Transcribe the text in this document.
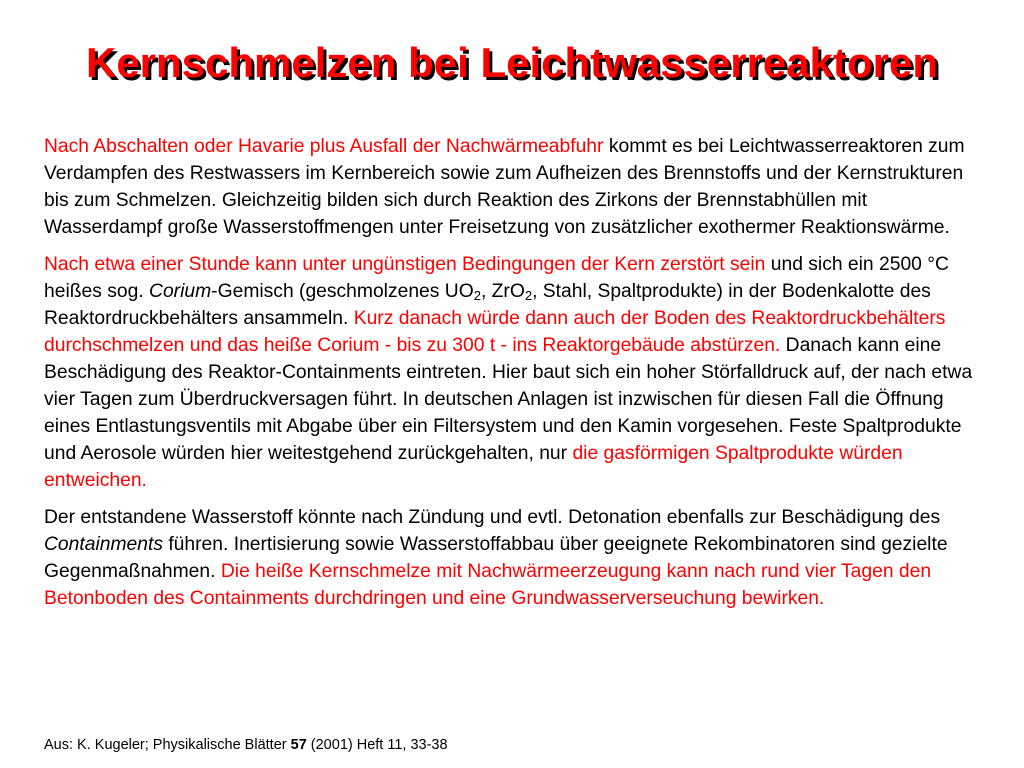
Kernschmelzen bei Leichtwasserreaktoren

Nach Abschalten oder Havarie plus Ausfall der Nachwärmeabfuhr kommt es bei Leichtwasserreaktoren zum Verdampfen des Restwassers im Kernbereich sowie zum Aufheizen des Brennstoffs und der Kernstrukturen bis zum Schmelzen. Gleichzeitig bilden sich durch Reaktion des Zirkons der Brennstabhüllen mit Wasserdampf große Wasserstoffmengen unter Freisetzung von zusätzlicher exothermer Reaktionswärme.

Nach etwa einer Stunde kann unter ungünstigen Bedingungen der Kern zerstört sein und sich ein 2500 °C heißes sog. Corium-Gemisch (geschmolzenes $UO_2$, ZrO$_2$, Stahl, Spaltprodukte) in der Bodenkalotte des Reaktordruckbehälters ansammeln. Kurz danach würde dann auch der Boden des Reaktordruckbehälters durchschmelzen und das heiße Corium - bis zu 300 t - ins Reaktorgebäude abstürzen. Danach kann eine Beschädigung des Reaktor-Containments eintreten. Hier baut sich ein hoher Störfalldruck auf, der nach etwa vier Tagen zum Überdruckversagen führt. In deutschen Anlagen ist inzwischen für diesen Fall die Öffnung eines Entlastungsventils mit Abgabe über ein Filtersystem und den Kamin vorgesehen. Feste Spaltprodukte und Aerosole würden hier weitestgehend zurückgehalten, nur die gasförmigen Spaltprodukte würden entweichen.

Der entstandene Wasserstoff könnte nach Zündung und evtl. Detonation ebenfalls zur Beschädigung des Containments führen. Inertisierung sowie Wasserstoffabbau über geeignete Rekombinatoren sind gezielte Gegenmaßnahmen. Die heiße Kernschmelze mit Nachwärmeerzeugung kann nach rund vier Tagen den Betonboden des Containments durchdringen und eine Grundwasserverseuchung bewirken.

Aus: K. Kugeler; Physikalische Blätter 57 (2001) Heft 11, 33-38
